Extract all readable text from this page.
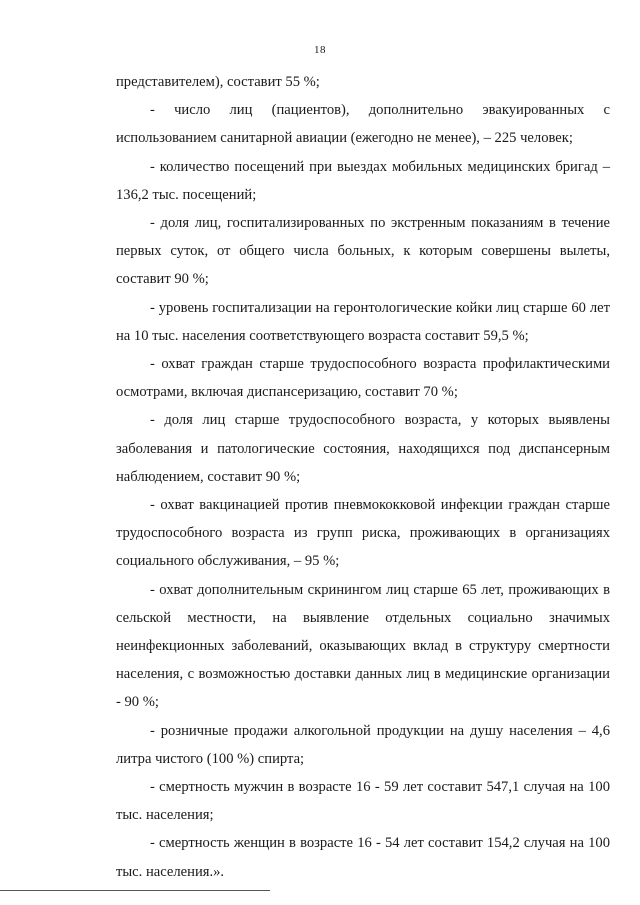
18

представителем), составит 55 %;

- число лиц (пациентов), дополнительно эвакуированных с использованием санитарной авиации (ежегодно не менее), – 225 человек;

- количество посещений при выездах мобильных медицинских бригад – 136,2 тыс. посещений;

- доля лиц, госпитализированных по экстренным показаниям в течение первых суток, от общего числа больных, к которым совершены вылеты, составит 90 %;

- уровень госпитализации на геронтологические койки лиц старше 60 лет на 10 тыс. населения соответствующего возраста составит 59,5 %;

- охват граждан старше трудоспособного возраста профилактическими осмотрами, включая диспансеризацию, составит 70 %;

- доля лиц старше трудоспособного возраста, у которых выявлены заболевания и патологические состояния, находящихся под диспансерным наблюдением, составит 90 %;

- охват вакцинацией против пневмококковой инфекции граждан старше трудоспособного возраста из групп риска, проживающих в организациях социального обслуживания, – 95 %;

- охват дополнительным скринингом лиц старше 65 лет, проживающих в сельской местности, на выявление отдельных социально значимых неинфекционных заболеваний, оказывающих вклад в структуру смертности населения, с возможностью доставки данных лиц в медицинские организации - 90 %;

- розничные продажи алкогольной продукции на душу населения – 4,6 литра чистого (100 %) спирта;

- смертность мужчин в возрасте 16 - 59 лет составит 547,1 случая на 100 тыс. населения;

- смертность женщин в возрасте 16 - 54 лет составит 154,2 случая на 100 тыс. населения.».
